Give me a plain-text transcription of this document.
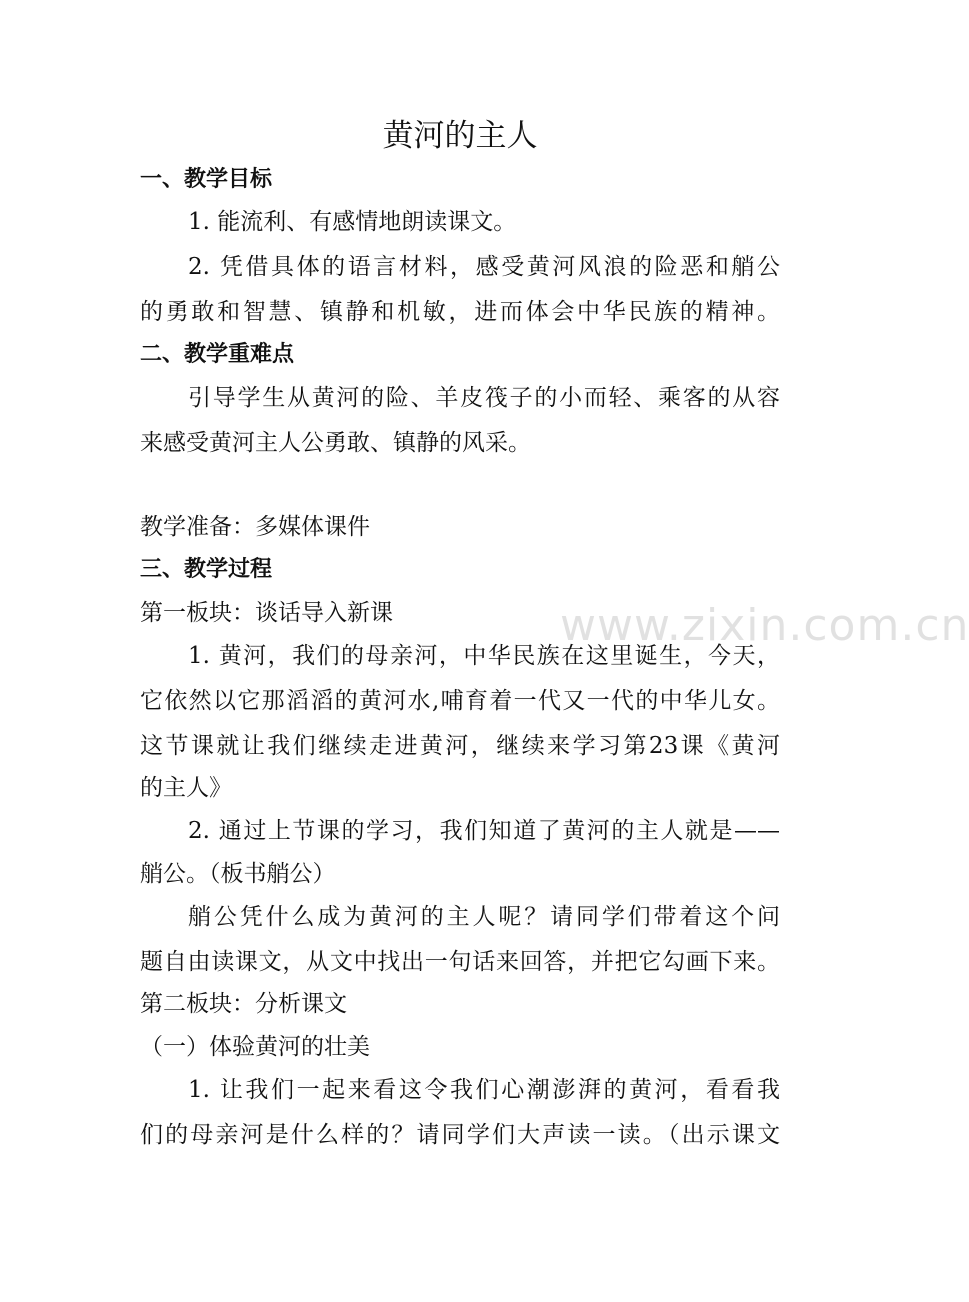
黄河的主人
一、教学目标
1. 能流利、有感情地朗读课文。
2. 凭借具体的语言材料，感受黄河风浪的险恶和艄公
的勇敢和智慧、镇静和机敏，进而体会中华民族的精神。
二、教学重难点
引导学生从黄河的险、羊皮筏子的小而轻、乘客的从容
来感受黄河主人公勇敢、镇静的风采。
教学准备：多媒体课件
三、教学过程
第一板块：谈话导入新课
1. 黄河，我们的母亲河，中华民族在这里诞生，今天，
它依然以它那滔滔的黄河水,哺育着一代又一代的中华儿女。
这节课就让我们继续走进黄河，继续来学习第23课《黄河
的主人》
2. 通过上节课的学习，我们知道了黄河的主人就是——
艄公。（板书艄公）
艄公凭什么成为黄河的主人呢？请同学们带着这个问
题自由读课文，从文中找出一句话来回答，并把它勾画下来。
第二板块：分析课文
（一）体验黄河的壮美
1. 让我们一起来看这令我们心潮澎湃的黄河，看看我
们的母亲河是什么样的？请同学们大声读一读。（出示课文
www.zixin.com.cn
